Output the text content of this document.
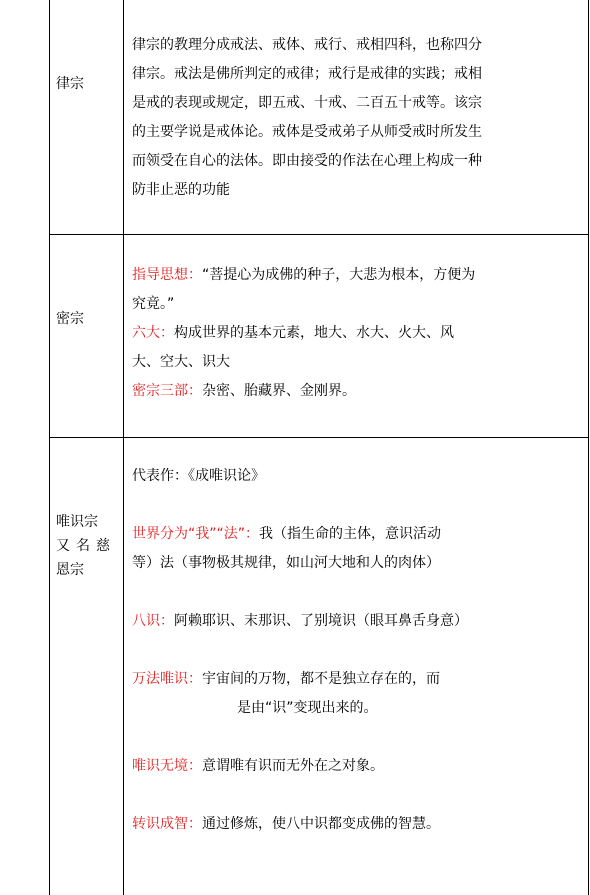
律宗

律宗的教理分成戒法、戒体、戒行、戒相四科，也称四分

律宗。戒法是佛所判定的戒律；戒行是戒律的实践；戒相

是戒的表现或规定，即五戒、十戒、二百五十戒等。该宗

的主要学说是戒体论。戒体是受戒弟子从师受戒时所发生

而领受在自心的法体。即由接受的作法在心理上构成一种

防非止恶的功能

密宗

指导思想：“菩提心为成佛的种子，大悲为根本，方便为

究竟。”

六大：构成世界的基本元素，地大、水大、火大、风

大、空大、识大

密宗三部：杂密、胎藏界、金刚界。

唯识宗
又名慈
恩宗

代表作：《成唯识论》

世界分为“我”“法”：我（指生命的主体，意识活动

等）法（事物极其规律，如山河大地和人的肉体）

八识：阿赖耶识、末那识、了别境识（眼耳鼻舌身意）

万法唯识：宇宙间的万物，都不是独立存在的，而

是由“识”变现出来的。

唯识无境：意谓唯有识而无外在之对象。

转识成智：通过修炼，使八中识都变成佛的智慧。
